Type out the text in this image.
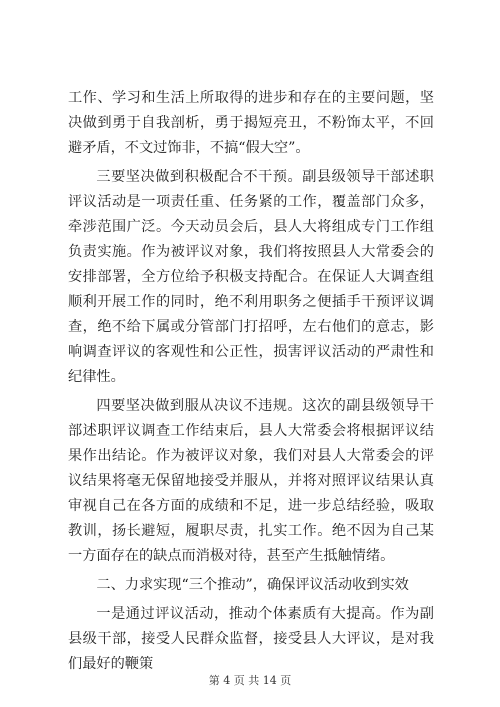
工作、学习和生活上所取得的进步和存在的主要问题，坚决做到勇于自我剖析，勇于揭短亮丑，不粉饰太平，不回避矛盾，不文过饰非，不搞“假大空”。

三要坚决做到积极配合不干预。副县级领导干部述职评议活动是一项责任重、任务紧的工作，覆盖部门众多，牵涉范围广泛。今天动员会后，县人大将组成专门工作组负责实施。作为被评议对象，我们将按照县人大常委会的安排部署，全方位给予积极支持配合。在保证人大调查组顺利开展工作的同时，绝不利用职务之便插手干预评议调查，绝不给下属或分管部门打招呼，左右他们的意志，影响调查评议的客观性和公正性，损害评议活动的严肃性和纪律性。

四要坚决做到服从决议不违规。这次的副县级领导干部述职评议调查工作结束后，县人大常委会将根据评议结果作出结论。作为被评议对象，我们对县人大常委会的评议结果将毫无保留地接受并服从，并将对照评议结果认真审视自己在各方面的成绩和不足，进一步总结经验，吸取教训，扬长避短，履职尽责，扎实工作。绝不因为自己某一方面存在的缺点而消极对待，甚至产生抵触情绪。

二、力求实现“三个推动”，确保评议活动收到实效

一是通过评议活动，推动个体素质有大提高。作为副县级干部，接受人民群众监督，接受县人大评议，是对我们最好的鞭策

第 4 页 共 14 页
